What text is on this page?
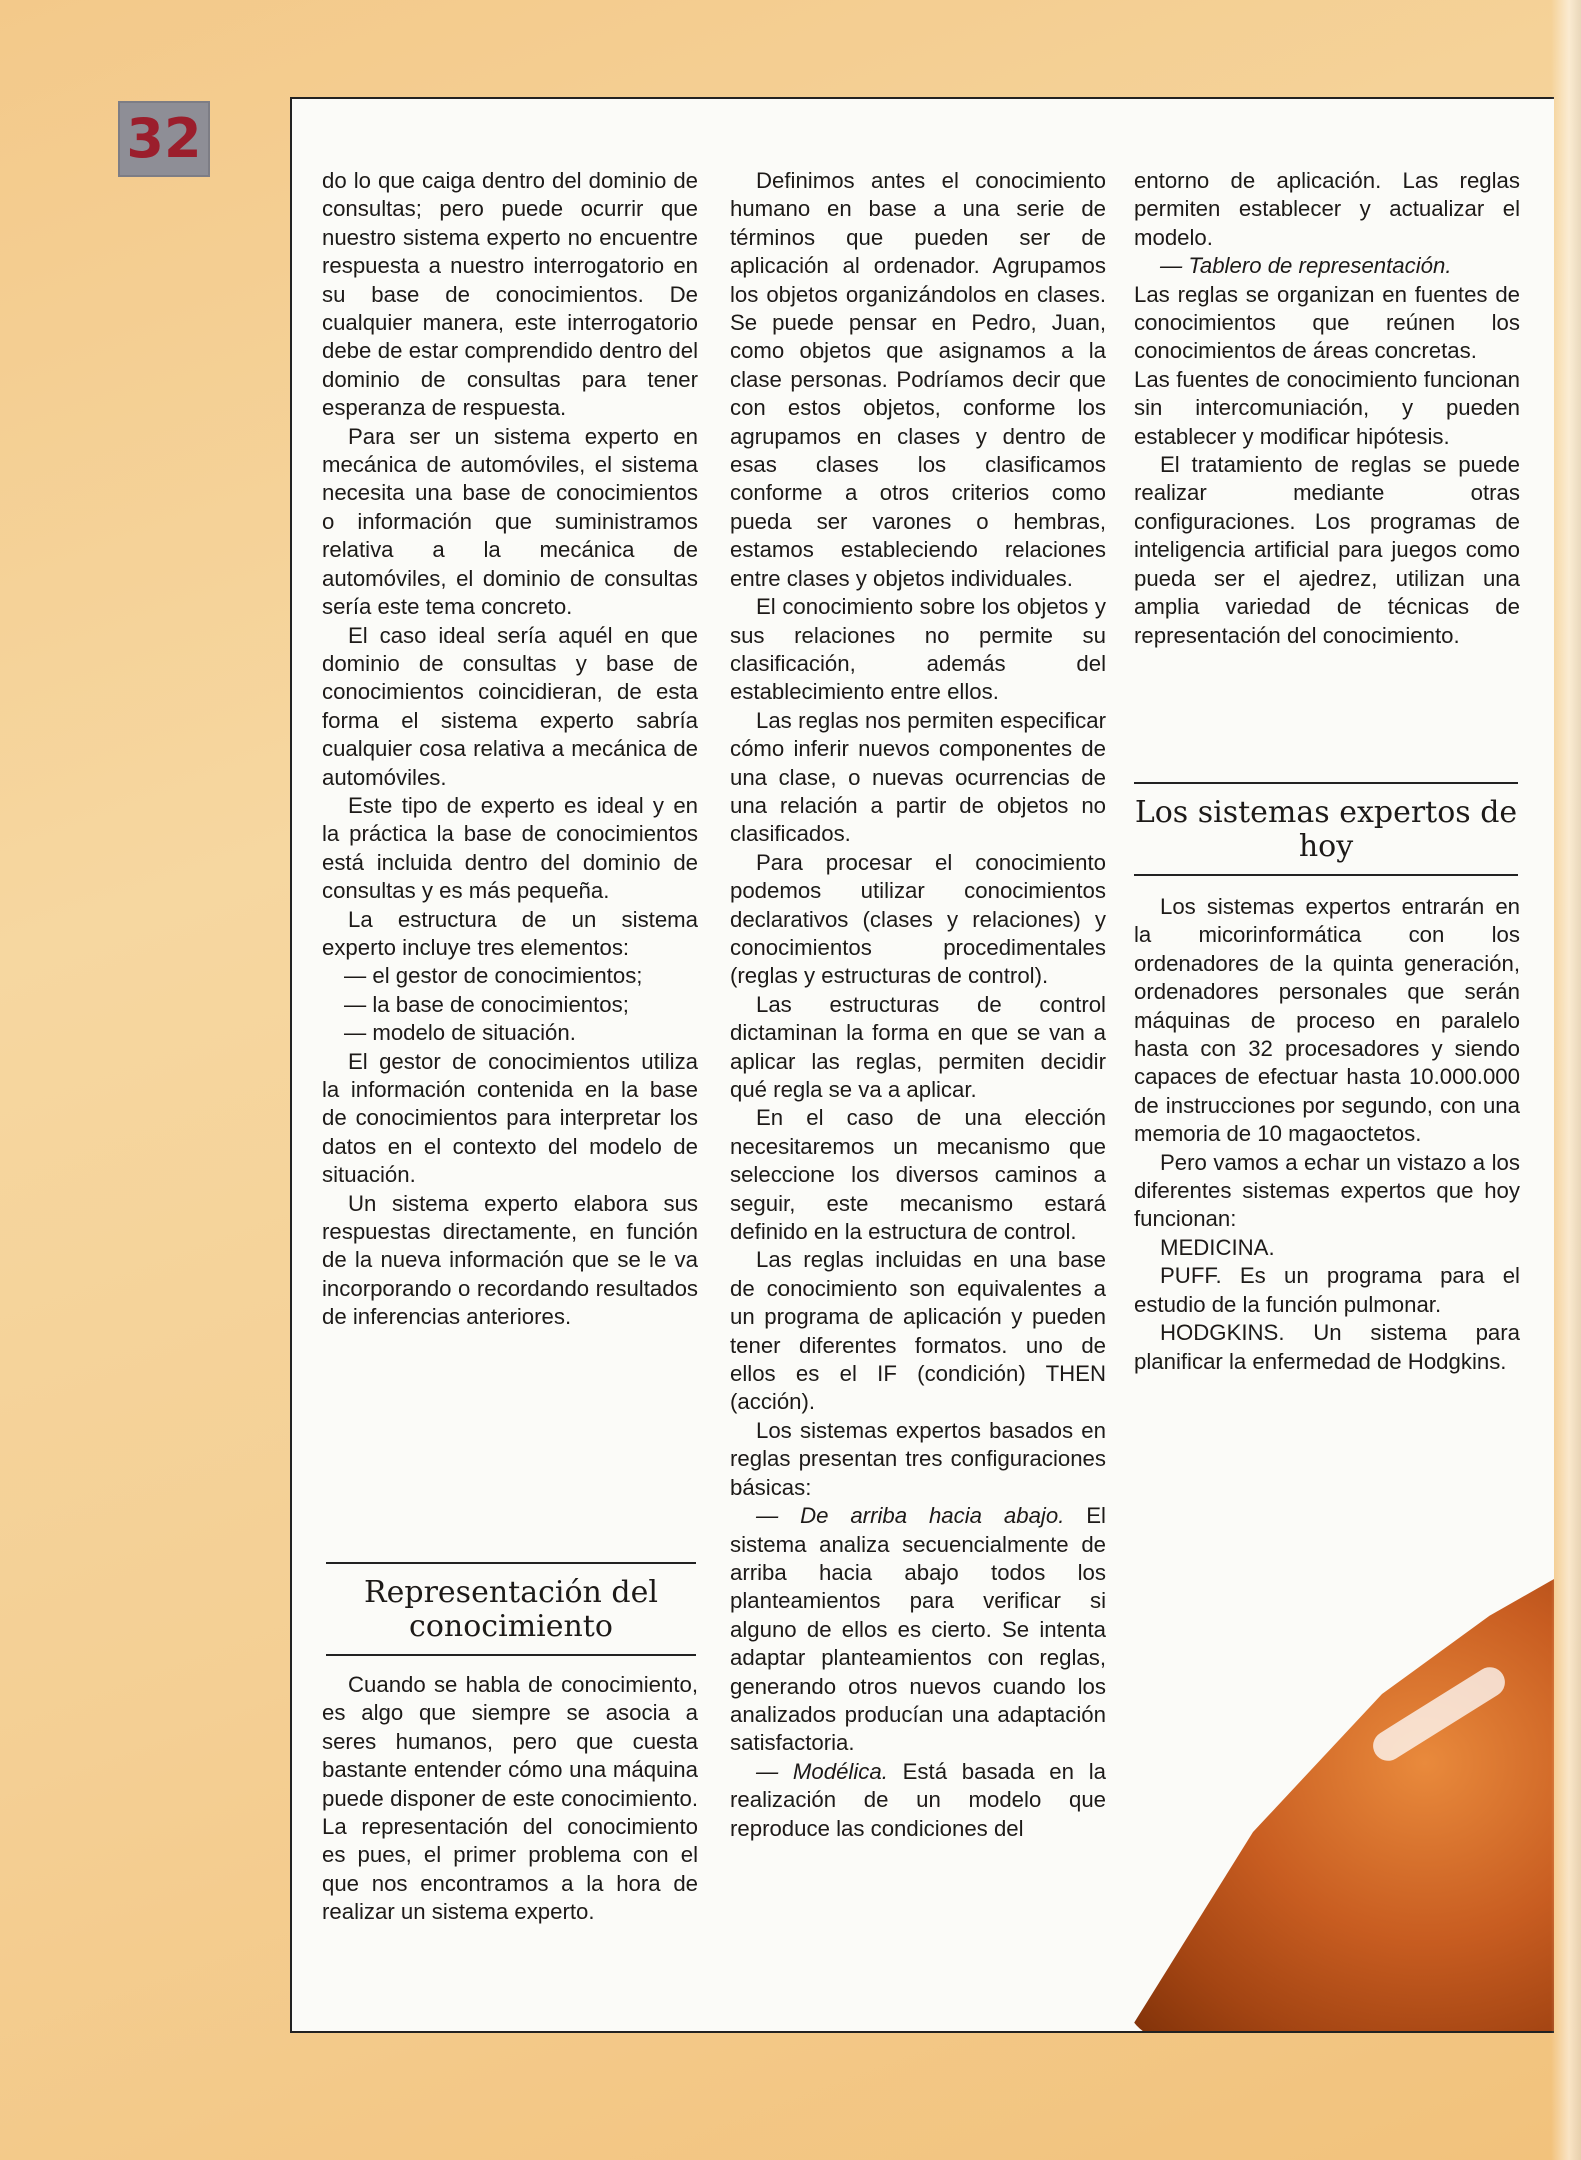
32

do lo que caiga dentro del dominio de consultas; pero puede ocurrir que nuestro sistema experto no encuentre respuesta a nuestro interrogatorio en su base de conocimientos. De cualquier manera, este interrogatorio debe de estar comprendido dentro del dominio de consultas para tener esperanza de respuesta.

Para ser un sistema experto en mecánica de automóviles, el sistema necesita una base de conocimientos o información que suministramos relativa a la mecánica de automóviles, el dominio de consultas sería este tema concreto.

El caso ideal sería aquél en que dominio de consultas y base de conocimientos coincidieran, de esta forma el sistema experto sabría cualquier cosa relativa a mecánica de automóviles.

Este tipo de experto es ideal y en la práctica la base de conocimientos está incluida dentro del dominio de consultas y es más pequeña.

La estructura de un sistema experto incluye tres elementos:

— el gestor de conocimientos;

— la base de conocimientos;

— modelo de situación.

El gestor de conocimientos utiliza la información contenida en la base de conocimientos para interpretar los datos en el contexto del modelo de situación.

Un sistema experto elabora sus respuestas directamente, en función de la nueva información que se le va incorporando o recordando resultados de inferencias anteriores.

Representación del conocimiento

Cuando se habla de conocimiento, es algo que siempre se asocia a seres humanos, pero que cuesta bastante entender cómo una máquina puede disponer de este conocimiento. La representación del conocimiento es pues, el primer problema con el que nos encontramos a la hora de realizar un sistema experto.

Definimos antes el conocimiento humano en base a una serie de términos que pueden ser de aplicación al ordenador. Agrupamos los objetos organizándolos en clases. Se puede pensar en Pedro, Juan, como objetos que asignamos a la clase personas. Podríamos decir que con estos objetos, conforme los agrupamos en clases y dentro de esas clases los clasificamos conforme a otros criterios como pueda ser varones o hembras, estamos estableciendo relaciones entre clases y objetos individuales.

El conocimiento sobre los objetos y sus relaciones no permite su clasificación, además del establecimiento entre ellos.

Las reglas nos permiten especificar cómo inferir nuevos componentes de una clase, o nuevas ocurrencias de una relación a partir de objetos no clasificados.

Para procesar el conocimiento podemos utilizar conocimientos declarativos (clases y relaciones) y conocimientos procedimentales (reglas y estructuras de control).

Las estructuras de control dictaminan la forma en que se van a aplicar las reglas, permiten decidir qué regla se va a aplicar.

En el caso de una elección necesitaremos un mecanismo que seleccione los diversos caminos a seguir, este mecanismo estará definido en la estructura de control.

Las reglas incluidas en una base de conocimiento son equivalentes a un programa de aplicación y pueden tener diferentes formatos. uno de ellos es el IF (condición) THEN (acción).

Los sistemas expertos basados en reglas presentan tres configuraciones básicas:

— De arriba hacia abajo. El sistema analiza secuencialmente de arriba hacia abajo todos los planteamientos para verificar si alguno de ellos es cierto. Se intenta adaptar planteamientos con reglas, generando otros nuevos cuando los analizados producían una adaptación satisfactoria.

— Modélica. Está basada en la realización de un modelo que reproduce las condiciones del

entorno de aplicación. Las reglas permiten establecer y actualizar el modelo.

— Tablero de representación.

Las reglas se organizan en fuentes de conocimientos que reúnen los conocimientos de áreas concretas.

Las fuentes de conocimiento funcionan sin intercomuniación, y pueden establecer y modificar hipótesis.

El tratamiento de reglas se puede realizar mediante otras configuraciones. Los programas de inteligencia artificial para juegos como pueda ser el ajedrez, utilizan una amplia variedad de técnicas de representación del conocimiento.

Los sistemas expertos de hoy

Los sistemas expertos entrarán en la micorinformática con los ordenadores de la quinta generación, ordenadores personales que serán máquinas de proceso en paralelo hasta con 32 procesadores y siendo capaces de efectuar hasta 10.000.000 de instrucciones por segundo, con una memoria de 10 magaoctetos.

Pero vamos a echar un vistazo a los diferentes sistemas expertos que hoy funcionan:

MEDICINA.

PUFF. Es un programa para el estudio de la función pulmonar.

HODGKINS. Un sistema para planificar la enfermedad de Hodgkins.
